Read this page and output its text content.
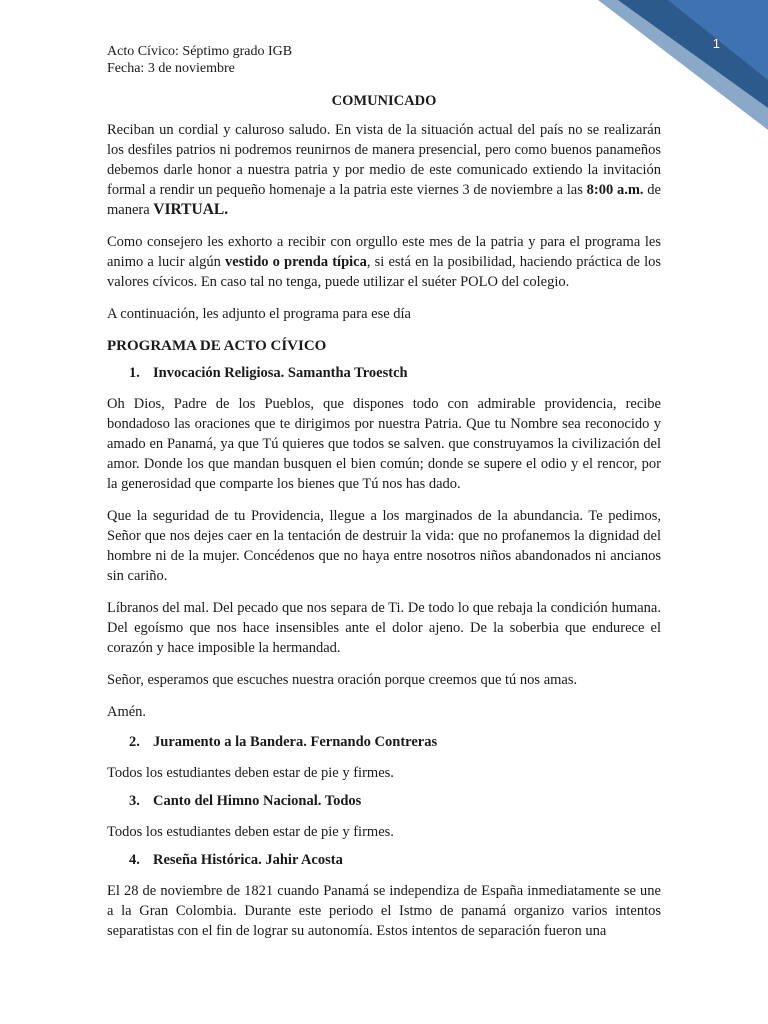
1
Acto Cívico: Séptimo grado IGB
Fecha: 3 de noviembre
COMUNICADO

Reciban un cordial y caluroso saludo. En vista de la situación actual del país no se realizarán los desfiles patrios ni podremos reunirnos de manera presencial, pero como buenos panameños debemos darle honor a nuestra patria y por medio de este comunicado extiendo la invitación formal a rendir un pequeño homenaje a la patria este viernes 3 de noviembre a las 8:00 a.m. de manera VIRTUAL.

Como consejero les exhorto a recibir con orgullo este mes de la patria y para el programa les animo a lucir algún vestido o prenda típica, si está en la posibilidad, haciendo práctica de los valores cívicos. En caso tal no tenga, puede utilizar el suéter POLO del colegio.

A continuación, les adjunto el programa para ese día

PROGRAMA DE ACTO CÍVICO
1. Invocación Religiosa. Samantha Troestch

Oh Dios, Padre de los Pueblos, que dispones todo con admirable providencia, recibe bondadoso las oraciones que te dirigimos por nuestra Patria. Que tu Nombre sea reconocido y amado en Panamá, ya que Tú quieres que todos se salven. que construyamos la civilización del amor. Donde los que mandan busquen el bien común; donde se supere el odio y el rencor, por la generosidad que comparte los bienes que Tú nos has dado.

Que la seguridad de tu Providencia, llegue a los marginados de la abundancia. Te pedimos, Señor que nos dejes caer en la tentación de destruir la vida: que no profanemos la dignidad del hombre ni de la mujer. Concédenos que no haya entre nosotros niños abandonados ni ancianos sin cariño.

Líbranos del mal. Del pecado que nos separa de Ti. De todo lo que rebaja la condición humana. Del egoísmo que nos hace insensibles ante el dolor ajeno. De la soberbia que endurece el corazón y hace imposible la hermandad.

Señor, esperamos que escuches nuestra oración porque creemos que tú nos amas.

Amén.

2. Juramento a la Bandera. Fernando Contreras

Todos los estudiantes deben estar de pie y firmes.

3. Canto del Himno Nacional. Todos

Todos los estudiantes deben estar de pie y firmes.

4. Reseña Histórica. Jahir Acosta

El 28 de noviembre de 1821 cuando Panamá se independiza de España inmediatamente se une a la Gran Colombia. Durante este periodo el Istmo de panamá organizo varios intentos separatistas con el fin de lograr su autonomía. Estos intentos de separación fueron una
